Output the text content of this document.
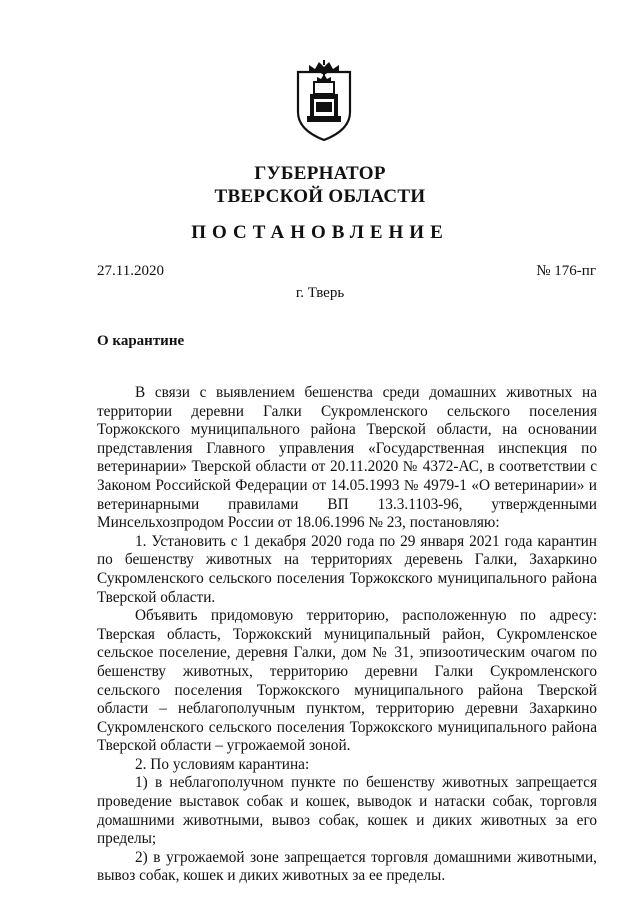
ГУБЕРНАТОР
ТВЕРСКОЙ ОБЛАСТИ
ПОСТАНОВЛЕНИЕ
27.11.2020	№ 176-пг
г. Тверь
О карантине

В связи с выявлением бешенства среди домашних животных на территории деревни Галки Сукромленского сельского поселения Торжокского муниципального района Тверской области, на основании представления Главного управления «Государственная инспекция по ветеринарии» Тверской области от 20.11.2020 № 4372-АС, в соответствии с Законом Российской Федерации от 14.05.1993 № 4979-1 «О ветеринарии» и ветеринарными правилами ВП 13.3.1103-96, утвержденными Минсельхозпродом России от 18.06.1996 № 23, постановляю:

1. Установить с 1 декабря 2020 года по 29 января 2021 года карантин по бешенству животных на территориях деревень Галки, Захаркино Сукромленского сельского поселения Торжокского муниципального района Тверской области.

Объявить придомовую территорию, расположенную по адресу: Тверская область, Торжокский муниципальный район, Сукромленское сельское поселение, деревня Галки, дом № 31, эпизоотическим очагом по бешенству животных, территорию деревни Галки Сукромленского сельского поселения Торжокского муниципального района Тверской области – неблагополучным пунктом, территорию деревни Захаркино Сукромленского сельского поселения Торжокского муниципального района Тверской области – угрожаемой зоной.

2. По условиям карантина:

1) в неблагополучном пункте по бешенству животных запрещается проведение выставок собак и кошек, выводок и натаски собак, торговля домашними животными, вывоз собак, кошек и диких животных за его пределы;

2) в угрожаемой зоне запрещается торговля домашними животными, вывоз собак, кошек и диких животных за ее пределы.
